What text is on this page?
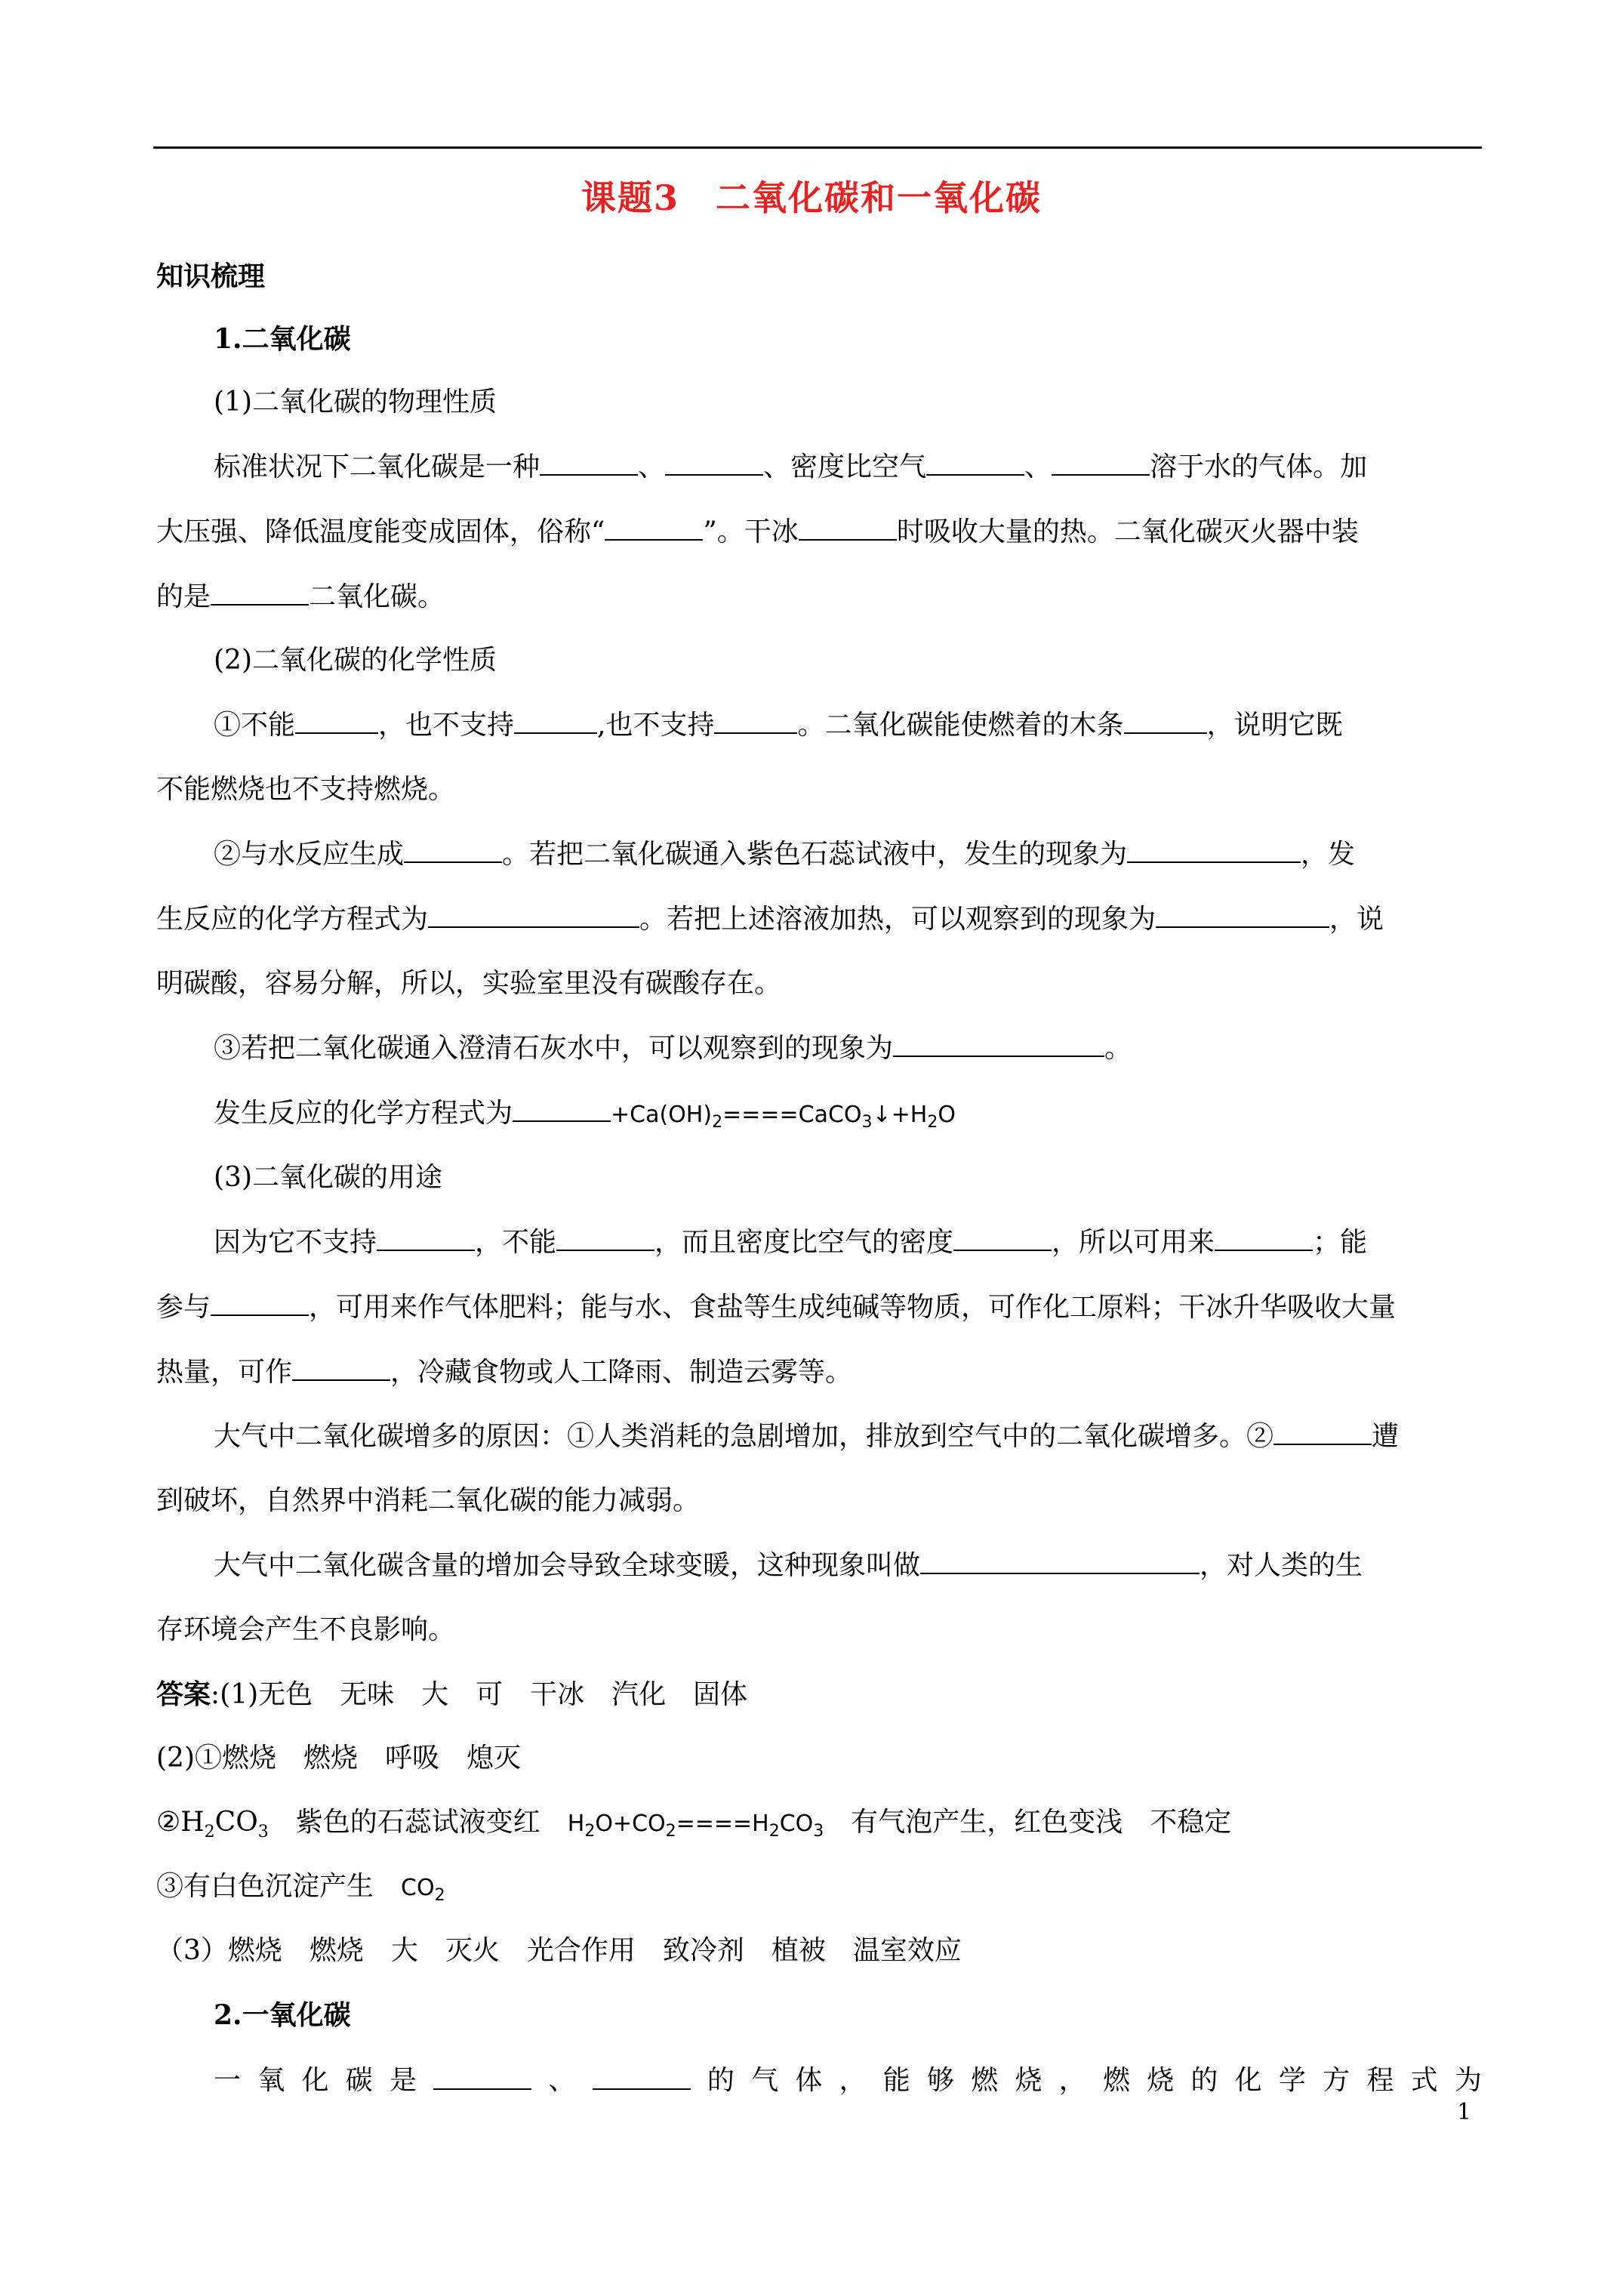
课题3　二氧化碳和一氧化碳
知识梳理
1.二氧化碳
(1)二氧化碳的物理性质
标准状况下二氧化碳是一种	、	、密度比空气	、	溶于水的气体。加
大压强、降低温度能变成固体，俗称“	”。干冰	时吸收大量的热。二氧化碳灭火器中装
的是	二氧化碳。
(2)二氧化碳的化学性质
①不能	，也不支持	,也不支持	。二氧化碳能使燃着的木条	，说明它既
不能燃烧也不支持燃烧。
②与水反应生成	。若把二氧化碳通入紫色石蕊试液中，发生的现象为	，发
生反应的化学方程式为	。若把上述溶液加热，可以观察到的现象为	，说
明碳酸，容易分解，所以，实验室里没有碳酸存在。
③若把二氧化碳通入澄清石灰水中，可以观察到的现象为	。
发生反应的化学方程式为	$+Ca(OH)_2====CaCO_3↓+H_2O$
(3)二氧化碳的用途
因为它不支持	，不能	，而且密度比空气的密度	，所以可用来	；能
参与	，可用来作气体肥料；能与水、食盐等生成纯碱等物质，可作化工原料；干冰升华吸收大量
热量，可作	，冷藏食物或人工降雨、制造云雾等。
大气中二氧化碳增多的原因：①人类消耗的急剧增加，排放到空气中的二氧化碳增多。②	遭
到破坏，自然界中消耗二氧化碳的能力减弱。
大气中二氧化碳含量的增加会导致全球变暖，这种现象叫做	，对人类的生
存环境会产生不良影响。
答案:(1)无色　无味　大　可　干冰　汽化　固体
(2)①燃烧　燃烧　呼吸　熄灭
$②H_2CO_3$　紫色的石蕊试液变红　$H_2O+CO_2====H_2CO_3$　有气泡产生，红色变浅　不稳定
③有白色沉淀产生　$CO_2$
（3）燃烧　燃烧　大　灭火　光合作用　致冷剂　植被　温室效应
2.一氧化碳
一 氧 化 碳 是	、	的 气 体 ， 能 够 燃 烧 ， 燃 烧 的 化 学 方 程 式 为
1
